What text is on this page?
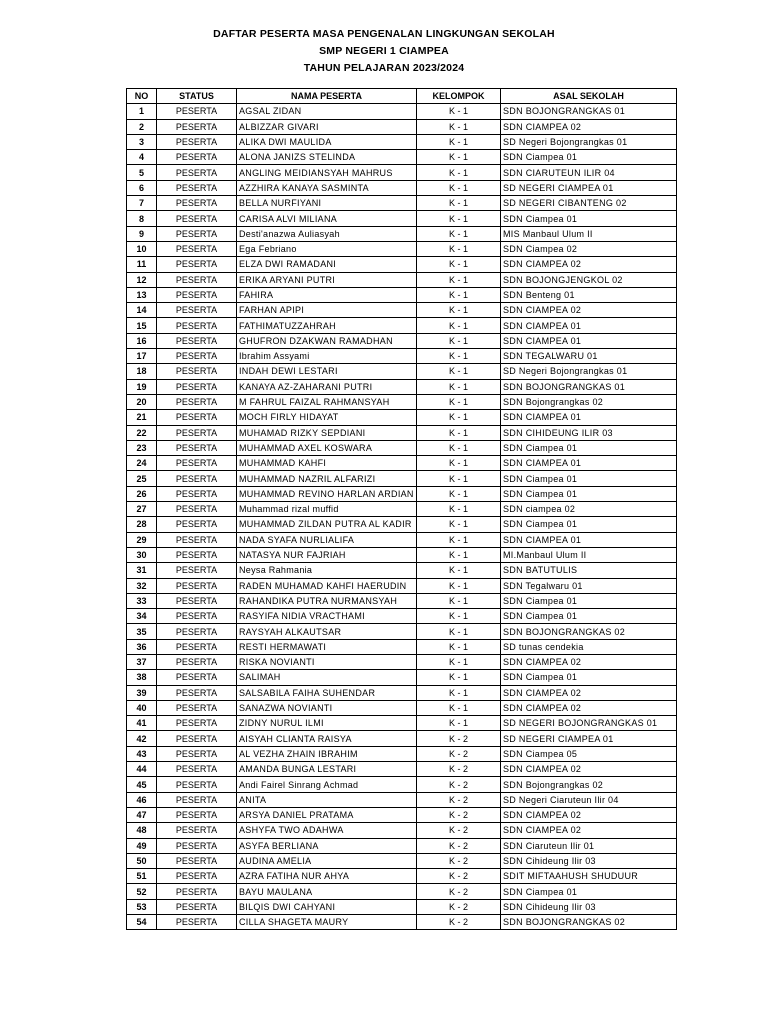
DAFTAR PESERTA MASA PENGENALAN LINGKUNGAN SEKOLAH
SMP NEGERI 1 CIAMPEA
TAHUN PELAJARAN 2023/2024
NO	STATUS	NAMA PESERTA	KELOMPOK	ASAL SEKOLAH
1	PESERTA	AGSAL ZIDAN	K - 1	SDN BOJONGRANGKAS 01
2	PESERTA	ALBIZZAR GIVARI	K - 1	SDN CIAMPEA 02
3	PESERTA	ALIKA DWI MAULIDA	K - 1	SD Negeri Bojongrangkas 01
4	PESERTA	ALONA JANIZS STELINDA	K - 1	SDN Ciampea 01
5	PESERTA	ANGLING MEIDIANSYAH MAHRUS	K - 1	SDN CIARUTEUN ILIR 04
6	PESERTA	AZZHIRA KANAYA SASMINTA	K - 1	SD NEGERI CIAMPEA 01
7	PESERTA	BELLA NURFIYANI	K - 1	SD NEGERI CIBANTENG 02
8	PESERTA	CARISA ALVI MILIANA	K - 1	SDN Ciampea 01
9	PESERTA	Desti'anazwa Auliasyah	K - 1	MIS Manbaul Ulum II
10	PESERTA	Ega Febriano	K - 1	SDN Ciampea 02
11	PESERTA	ELZA DWI RAMADANI	K - 1	SDN CIAMPEA 02
12	PESERTA	ERIKA ARYANI PUTRI	K - 1	SDN BOJONGJENGKOL 02
13	PESERTA	FAHIRA	K - 1	SDN Benteng 01
14	PESERTA	FARHAN APIPI	K - 1	SDN CIAMPEA 02
15	PESERTA	FATHIMATUZZAHRAH	K - 1	SDN CIAMPEA 01
16	PESERTA	GHUFRON DZAKWAN RAMADHAN	K - 1	SDN CIAMPEA 01
17	PESERTA	Ibrahim Assyami	K - 1	SDN TEGALWARU 01
18	PESERTA	INDAH DEWI LESTARI	K - 1	SD Negeri Bojongrangkas 01
19	PESERTA	KANAYA AZ-ZAHARANI PUTRI	K - 1	SDN BOJONGRANGKAS 01
20	PESERTA	M FAHRUL FAIZAL RAHMANSYAH	K - 1	SDN Bojongrangkas 02
21	PESERTA	MOCH FIRLY HIDAYAT	K - 1	SDN CIAMPEA 01
22	PESERTA	MUHAMAD RIZKY SEPDIANI	K - 1	SDN CIHIDEUNG ILIR 03
23	PESERTA	MUHAMMAD AXEL KOSWARA	K - 1	SDN Ciampea 01
24	PESERTA	MUHAMMAD KAHFI	K - 1	SDN CIAMPEA 01
25	PESERTA	MUHAMMAD NAZRIL ALFARIZI	K - 1	SDN Ciampea 01
26	PESERTA	MUHAMMAD REVINO HARLAN ARDIAN	K - 1	SDN Ciampea 01
27	PESERTA	Muhammad rizal muffid	K - 1	SDN ciampea 02
28	PESERTA	MUHAMMAD ZILDAN PUTRA AL KADIR	K - 1	SDN Ciampea 01
29	PESERTA	NADA SYAFA NURLIALIFA	K - 1	SDN CIAMPEA 01
30	PESERTA	NATASYA NUR FAJRIAH	K - 1	MI.Manbaul Ulum II
31	PESERTA	Neysa Rahmania	K - 1	SDN BATUTULIS
32	PESERTA	RADEN MUHAMAD KAHFI HAERUDIN	K - 1	SDN Tegalwaru 01
33	PESERTA	RAHANDIKA PUTRA NURMANSYAH	K - 1	SDN Ciampea 01
34	PESERTA	RASYIFA NIDIA VRACTHAMI	K - 1	SDN Ciampea 01
35	PESERTA	RAYSYAH ALKAUTSAR	K - 1	SDN BOJONGRANGKAS 02
36	PESERTA	RESTI HERMAWATI	K - 1	SD tunas cendekia
37	PESERTA	RISKA NOVIANTI	K - 1	SDN CIAMPEA 02
38	PESERTA	SALIMAH	K - 1	SDN Ciampea 01
39	PESERTA	SALSABILA FAIHA SUHENDAR	K - 1	SDN CIAMPEA 02
40	PESERTA	SANAZWA NOVIANTI	K - 1	SDN CIAMPEA 02
41	PESERTA	ZIDNY NURUL ILMI	K - 1	SD NEGERI BOJONGRANGKAS 01
42	PESERTA	AISYAH CLIANTA RAISYA	K - 2	SD NEGERI CIAMPEA 01
43	PESERTA	AL VEZHA ZHAIN IBRAHIM	K - 2	SDN Ciampea 05
44	PESERTA	AMANDA BUNGA LESTARI	K - 2	SDN CIAMPEA 02
45	PESERTA	Andi Fairel Sinrang Achmad	K - 2	SDN Bojongrangkas 02
46	PESERTA	ANITA	K - 2	SD Negeri Ciaruteun Ilir 04
47	PESERTA	ARSYA DANIEL PRATAMA	K - 2	SDN CIAMPEA 02
48	PESERTA	ASHYFA TWO ADAHWA	K - 2	SDN CIAMPEA 02
49	PESERTA	ASYFA BERLIANA	K - 2	SDN Ciaruteun Ilir 01
50	PESERTA	AUDINA AMELIA	K - 2	SDN Cihideung Ilir 03
51	PESERTA	AZRA FATIHA NUR AHYA	K - 2	SDIT MIFTAAHUSH SHUDUUR
52	PESERTA	BAYU MAULANA	K - 2	SDN Ciampea 01
53	PESERTA	BILQIS DWI CAHYANI	K - 2	SDN Cihideung Ilir 03
54	PESERTA	CILLA SHAGETA MAURY	K - 2	SDN BOJONGRANGKAS 02
